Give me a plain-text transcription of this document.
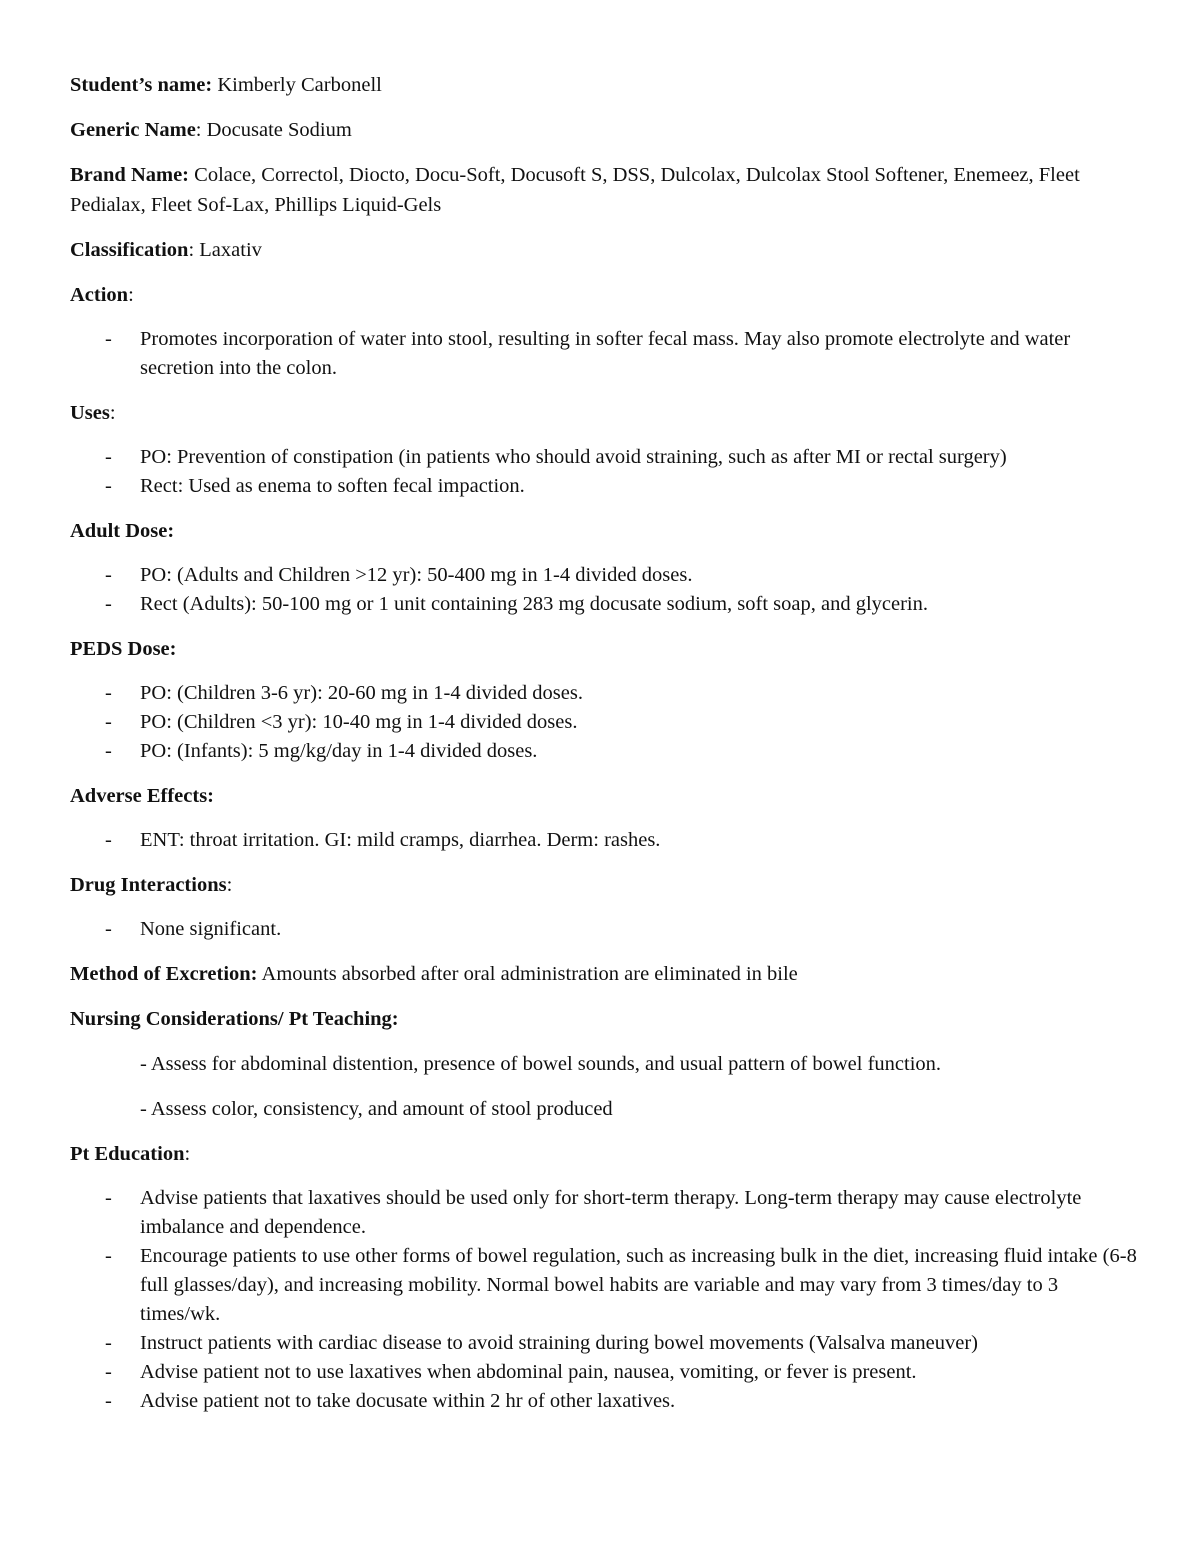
Student’s name: Kimberly Carbonell

Generic Name: Docusate Sodium

Brand Name: Colace, Correctol, Diocto, Docu-Soft, Docusoft S, DSS, Dulcolax, Dulcolax Stool Softener, Enemeez, Fleet Pedialax, Fleet Sof-Lax, Phillips Liquid-Gels

Classification: Laxativ

Action:

- Promotes incorporation of water into stool, resulting in softer fecal mass. May also promote electrolyte and water secretion into the colon.

Uses:

- PO: Prevention of constipation (in patients who should avoid straining, such as after MI or rectal surgery)
- Rect: Used as enema to soften fecal impaction.

Adult Dose:

- PO: (Adults and Children >12 yr): 50-400 mg in 1-4 divided doses.
- Rect (Adults): 50-100 mg or 1 unit containing 283 mg docusate sodium, soft soap, and glycerin.

PEDS Dose:

- PO: (Children 3-6 yr): 20-60 mg in 1-4 divided doses.
- PO: (Children <3 yr): 10-40 mg in 1-4 divided doses.
- PO: (Infants): 5 mg/kg/day in 1-4 divided doses.

Adverse Effects:

- ENT: throat irritation. GI: mild cramps, diarrhea. Derm: rashes.

Drug Interactions:

- None significant.

Method of Excretion: Amounts absorbed after oral administration are eliminated in bile

Nursing Considerations/ Pt Teaching:

- Assess for abdominal distention, presence of bowel sounds, and usual pattern of bowel function.

- Assess color, consistency, and amount of stool produced

Pt Education:

- Advise patients that laxatives should be used only for short-term therapy. Long-term therapy may cause electrolyte imbalance and dependence.
- Encourage patients to use other forms of bowel regulation, such as increasing bulk in the diet, increasing fluid intake (6-8 full glasses/day), and increasing mobility. Normal bowel habits are variable and may vary from 3 times/day to 3 times/wk.
- Instruct patients with cardiac disease to avoid straining during bowel movements (Valsalva maneuver)
- Advise patient not to use laxatives when abdominal pain, nausea, vomiting, or fever is present.
- Advise patient not to take docusate within 2 hr of other laxatives.
